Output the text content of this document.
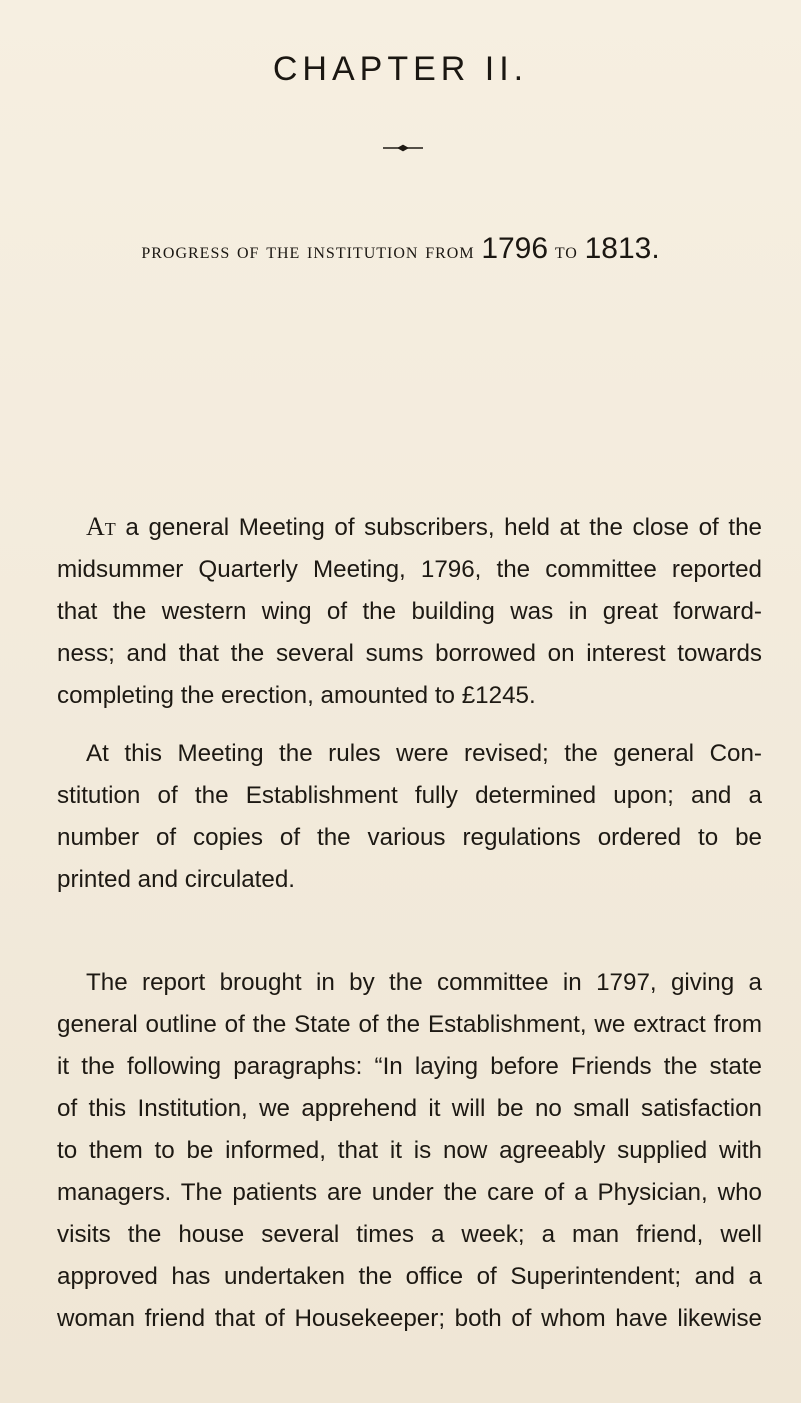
CHAPTER II.
progress of the institution from 1796 to 1813.
At a general Meeting of subscribers, held at the close of the
midsummer Quarterly Meeting, 1796, the committee reported
that the western wing of the building was in great forward-
ness; and that the several sums borrowed on interest towards
completing the erection, amounted to £1245.
At this Meeting the rules were revised; the general Con-
stitution of the Establishment fully determined upon; and a
number of copies of the various regulations ordered to be
printed and circulated.
The report brought in by the committee in 1797, giving a
general outline of the State of the Establishment, we extract from
it the following paragraphs: “In laying before Friends the state
of this Institution, we apprehend it will be no small satisfaction
to them to be informed, that it is now agreeably supplied with
managers. The patients are under the care of a Physician, who
visits the house several times a week; a man friend, well
approved has undertaken the office of Superintendent; and a
woman friend that of Housekeeper; both of whom have likewise
